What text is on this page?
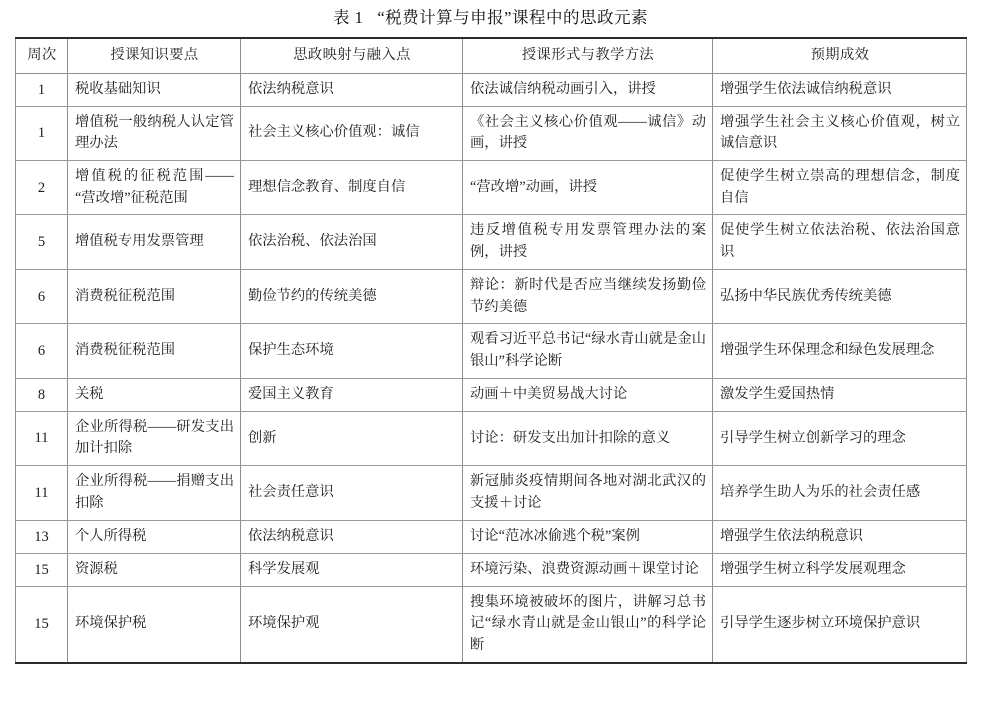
表 1 “税费计算与申报”课程中的思政元素
周次	授课知识要点	思政映射与融入点	授课形式与教学方法	预期成效
1	税收基础知识	依法纳税意识	依法诚信纳税动画引入，讲授	增强学生依法诚信纳税意识
1	增值税一般纳税人认定管理办法	社会主义核心价值观：诚信	《社会主义核心价值观——诚信》动画，讲授	增强学生社会主义核心价值观，树立诚信意识
2	增值税的征税范围——“营改增”征税范围	理想信念教育、制度自信	“营改增”动画，讲授	促使学生树立崇高的理想信念，制度自信
5	增值税专用发票管理	依法治税、依法治国	违反增值税专用发票管理办法的案例，讲授	促使学生树立依法治税、依法治国意识
6	消费税征税范围	勤俭节约的传统美德	辩论：新时代是否应当继续发扬勤俭节约美德	弘扬中华民族优秀传统美德
6	消费税征税范围	保护生态环境	观看习近平总书记“绿水青山就是金山银山”科学论断	增强学生环保理念和绿色发展理念
8	关税	爱国主义教育	动画＋中美贸易战大讨论	激发学生爱国热情
11	企业所得税——研发支出加计扣除	创新	讨论：研发支出加计扣除的意义	引导学生树立创新学习的理念
11	企业所得税——捐赠支出扣除	社会责任意识	新冠肺炎疫情期间各地对湖北武汉的支援＋讨论	培养学生助人为乐的社会责任感
13	个人所得税	依法纳税意识	讨论“范冰冰偷逃个税”案例	增强学生依法纳税意识
15	资源税	科学发展观	环境污染、浪费资源动画＋课堂讨论	增强学生树立科学发展观理念
15	环境保护税	环境保护观	搜集环境被破坏的图片，讲解习总书记“绿水青山就是金山银山”的科学论断	引导学生逐步树立环境保护意识
